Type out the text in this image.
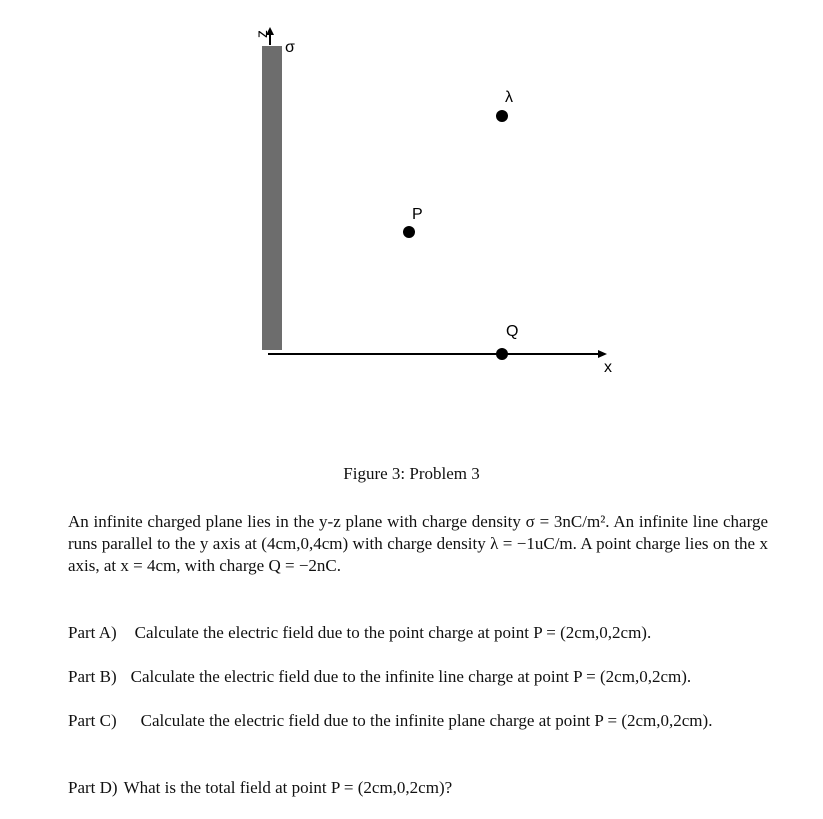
z
σ
x
λ
P
Q
Figure 3: Problem 3
An infinite charged plane lies in the y-z plane with charge density σ = 3nC/m². An infinite line charge runs parallel to the y axis at (4cm,0,4cm) with charge density λ = −1uC/m. A point charge lies on the x axis, at x = 4cm, with charge Q = −2nC.
Part A) Calculate the electric field due to the point charge at point P = (2cm,0,2cm).
Part B) Calculate the electric field due to the infinite line charge at point P = (2cm,0,2cm).
Part C) Calculate the electric field due to the infinite plane charge at point P = (2cm,0,2cm).
Part D) What is the total field at point P = (2cm,0,2cm)?
